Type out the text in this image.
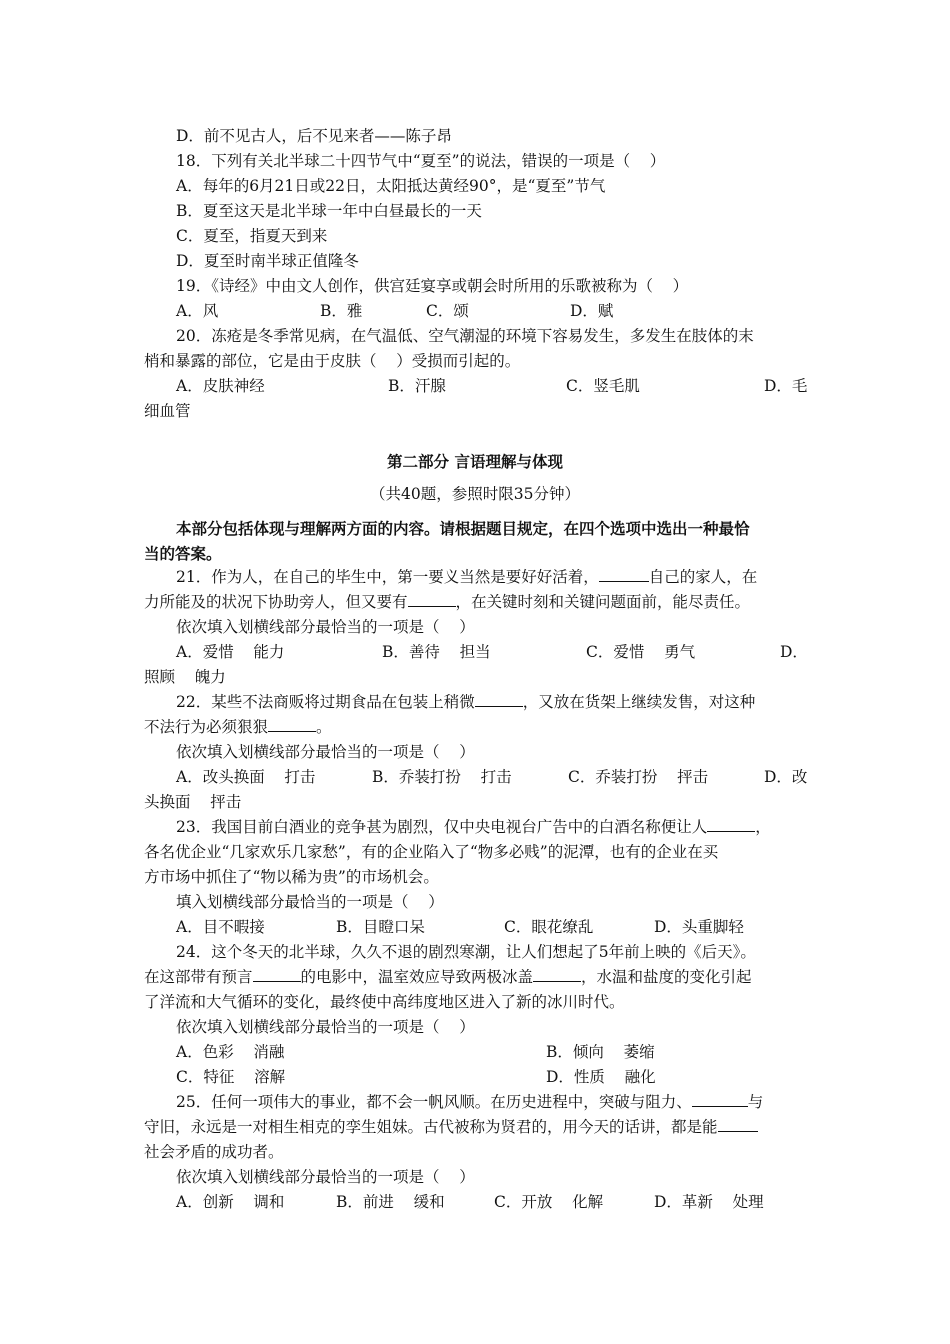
D．前不见古人，后不见来者——陈子昂
18．下列有关北半球二十四节气中“夏至”的说法，错误的一项是（    ）
A．每年的6月21日或22日，太阳抵达黄经90°，是“夏至”节气
B．夏至这天是北半球一年中白昼最长的一天
C．夏至，指夏天到来
D．夏至时南半球正值隆冬
19．《诗经》中由文人创作，供宫廷宴享或朝会时所用的乐歌被称为（    ）
A．风	B．雅	C．颂	D．赋
20．冻疮是冬季常见病，在气温低、空气潮湿的环境下容易发生，多发生在肢体的末
梢和暴露的部位，它是由于皮肤（    ）受损而引起的。
A．皮肤神经	B．汗腺	C．竖毛肌	D．毛
细血管
第二部分 言语理解与体现
（共40题，参照时限35分钟）
本部分包括体现与理解两方面的内容。请根据题目规定，在四个选项中选出一种最恰
当的答案。
21．作为人，在自己的毕生中，第一要义当然是要好好活着，	自己的家人，在
力所能及的状况下协助旁人，但又要有	，在关键时刻和关键问题面前，能尽责任。
依次填入划横线部分最恰当的一项是（    ）
A．爱惜    能力	B．善待    担当	C．爱惜    勇气	D．
照顾    魄力
22．某些不法商贩将过期食品在包装上稍微	，又放在货架上继续发售，对这种
不法行为必须狠狠	。
依次填入划横线部分最恰当的一项是（    ）
A．改头换面    打击	B．乔装打扮    打击	C．乔装打扮    抨击	D．改
头换面    抨击
23．我国目前白酒业的竞争甚为剧烈，仅中央电视台广告中的白酒名称便让人	，
各名优企业“几家欢乐几家愁”，有的企业陷入了“物多必贱”的泥潭，也有的企业在买
方市场中抓住了“物以稀为贵”的市场机会。
填入划横线部分最恰当的一项是（    ）
A．目不暇接	B．目瞪口呆	C．眼花缭乱	D．头重脚轻
24．这个冬天的北半球，久久不退的剧烈寒潮，让人们想起了5年前上映的《后天》。
在这部带有预言	的电影中，温室效应导致两极冰盖	，水温和盐度的变化引起
了洋流和大气循环的变化，最终使中高纬度地区进入了新的冰川时代。
依次填入划横线部分最恰当的一项是（    ）
A．色彩    消融	B．倾向    萎缩
C．特征    溶解	D．性质    融化
25．任何一项伟大的事业，都不会一帆风顺。在历史进程中，突破与阻力、	与
守旧，永远是一对相生相克的孪生姐妹。古代被称为贤君的，用今天的话讲，都是能
社会矛盾的成功者。
依次填入划横线部分最恰当的一项是（    ）
A．创新    调和	B．前进    缓和	C．开放    化解	D．革新    处理
